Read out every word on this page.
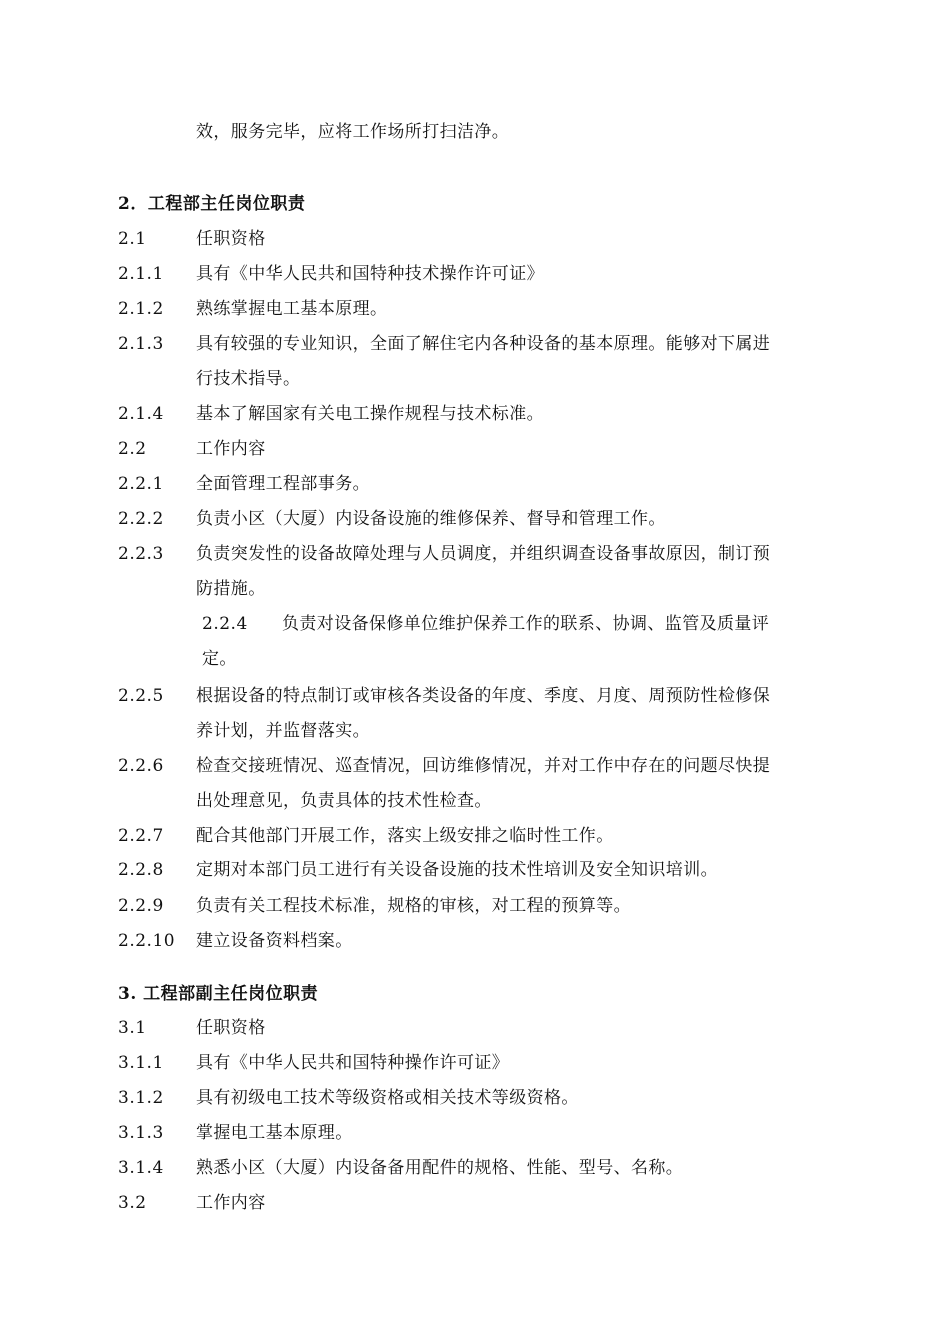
效，服务完毕，应将工作场所打扫洁净。
2．工程部主任岗位职责
2.1	任职资格
2.1.1 具有《中华人民共和国特种技术操作许可证》
2.1.2 熟练掌握电工基本原理。
2.1.3 具有较强的专业知识，全面了解住宅内各种设备的基本原理。能够对下属进
行技术指导。
2.1.4 基本了解国家有关电工操作规程与技术标准。
2.2	工作内容
2.2.1 全面管理工程部事务。
2.2.2 负责小区（大厦）内设备设施的维修保养、督导和管理工作。
2.2.3 负责突发性的设备故障处理与人员调度，并组织调查设备事故原因，制订预
防措施。
2.2.4 负责对设备保修单位维护保养工作的联系、协调、监管及质量评
定。
2.2.5 根据设备的特点制订或审核各类设备的年度、季度、月度、周预防性检修保
养计划，并监督落实。
2.2.6 检查交接班情况、巡查情况，回访维修情况，并对工作中存在的问题尽快提
出处理意见，负责具体的技术性检查。
2.2.7 配合其他部门开展工作，落实上级安排之临时性工作。
2.2.8 定期对本部门员工进行有关设备设施的技术性培训及安全知识培训。
2.2.9 负责有关工程技术标准，规格的审核，对工程的预算等。
2.2.10 建立设备资料档案。
3. 工程部副主任岗位职责
3.1	任职资格
3.1.1 具有《中华人民共和国特种操作许可证》
3.1.2 具有初级电工技术等级资格或相关技术等级资格。
3.1.3 掌握电工基本原理。
3.1.4 熟悉小区（大厦）内设备备用配件的规格、性能、型号、名称。
3.2	工作内容
